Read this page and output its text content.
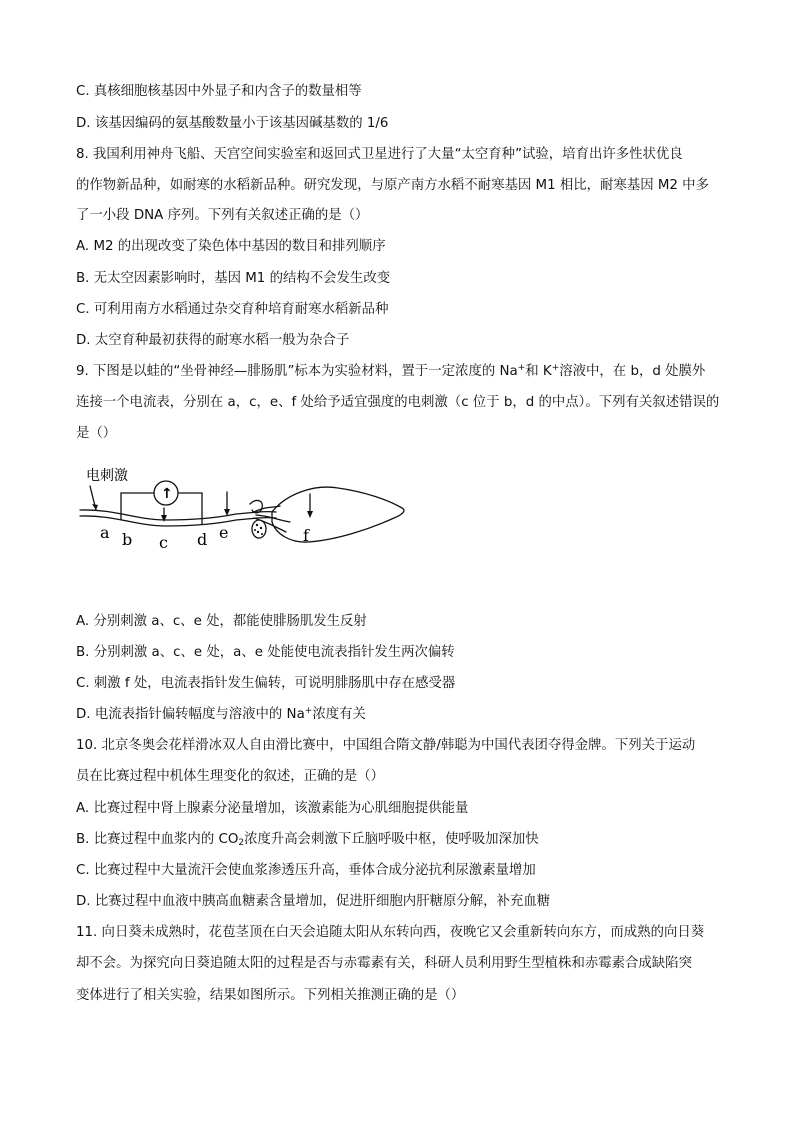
C. 真核细胞核基因中外显子和内含子的数量相等
D. 该基因编码的氨基酸数量小于该基因碱基数的 1/6
8. 我国利用神舟飞船、天宫空间实验室和返回式卫星进行了大量“太空育种”试验，培育出许多性状优良
的作物新品种，如耐寒的水稻新品种。研究发现，与原产南方水稻不耐寒基因 M1 相比，耐寒基因 M2 中多
了一小段 DNA 序列。下列有关叙述正确的是（）
A. M2 的出现改变了染色体中基因的数目和排列顺序
B. 无太空因素影响时，基因 M1 的结构不会发生改变
C. 可利用南方水稻通过杂交育种培育耐寒水稻新品种
D. 太空育种最初获得的耐寒水稻一般为杂合子
9. 下图是以蛙的“坐骨神经—腓肠肌”标本为实验材料，置于一定浓度的 Na+和 K+溶液中，在 b，d 处膜外
连接一个电流表，分别在 a，c，e、f 处给予适宜强度的电刺激（c 位于 b，d 的中点）。下列有关叙述错误的
是（）
电刺激
↑
a b c d e	f
A. 分别刺激 a、c、e 处，都能使腓肠肌发生反射
B. 分别刺激 a、c、e 处，a、e 处能使电流表指针发生两次偏转
C. 刺激 f 处，电流表指针发生偏转，可说明腓肠肌中存在感受器
D. 电流表指针偏转幅度与溶液中的 Na+浓度有关
10. 北京冬奥会花样滑冰双人自由滑比赛中，中国组合隋文静/韩聪为中国代表团夺得金牌。下列关于运动
员在比赛过程中机体生理变化的叙述，正确的是（）
A. 比赛过程中肾上腺素分泌量增加，该激素能为心肌细胞提供能量
B. 比赛过程中血浆内的 $CO_2$浓度升高会刺激下丘脑呼吸中枢，使呼吸加深加快
C. 比赛过程中大量流汗会使血浆渗透压升高，垂体合成分泌抗利尿激素量增加
D. 比赛过程中血液中胰高血糖素含量增加，促进肝细胞内肝糖原分解，补充血糖
11. 向日葵未成熟时，花苞茎顶在白天会追随太阳从东转向西，夜晚它又会重新转向东方，而成熟的向日葵
却不会。为探究向日葵追随太阳的过程是否与赤霉素有关，科研人员利用野生型植株和赤霉素合成缺陷突
变体进行了相关实验，结果如图所示。下列相关推测正确的是（）
